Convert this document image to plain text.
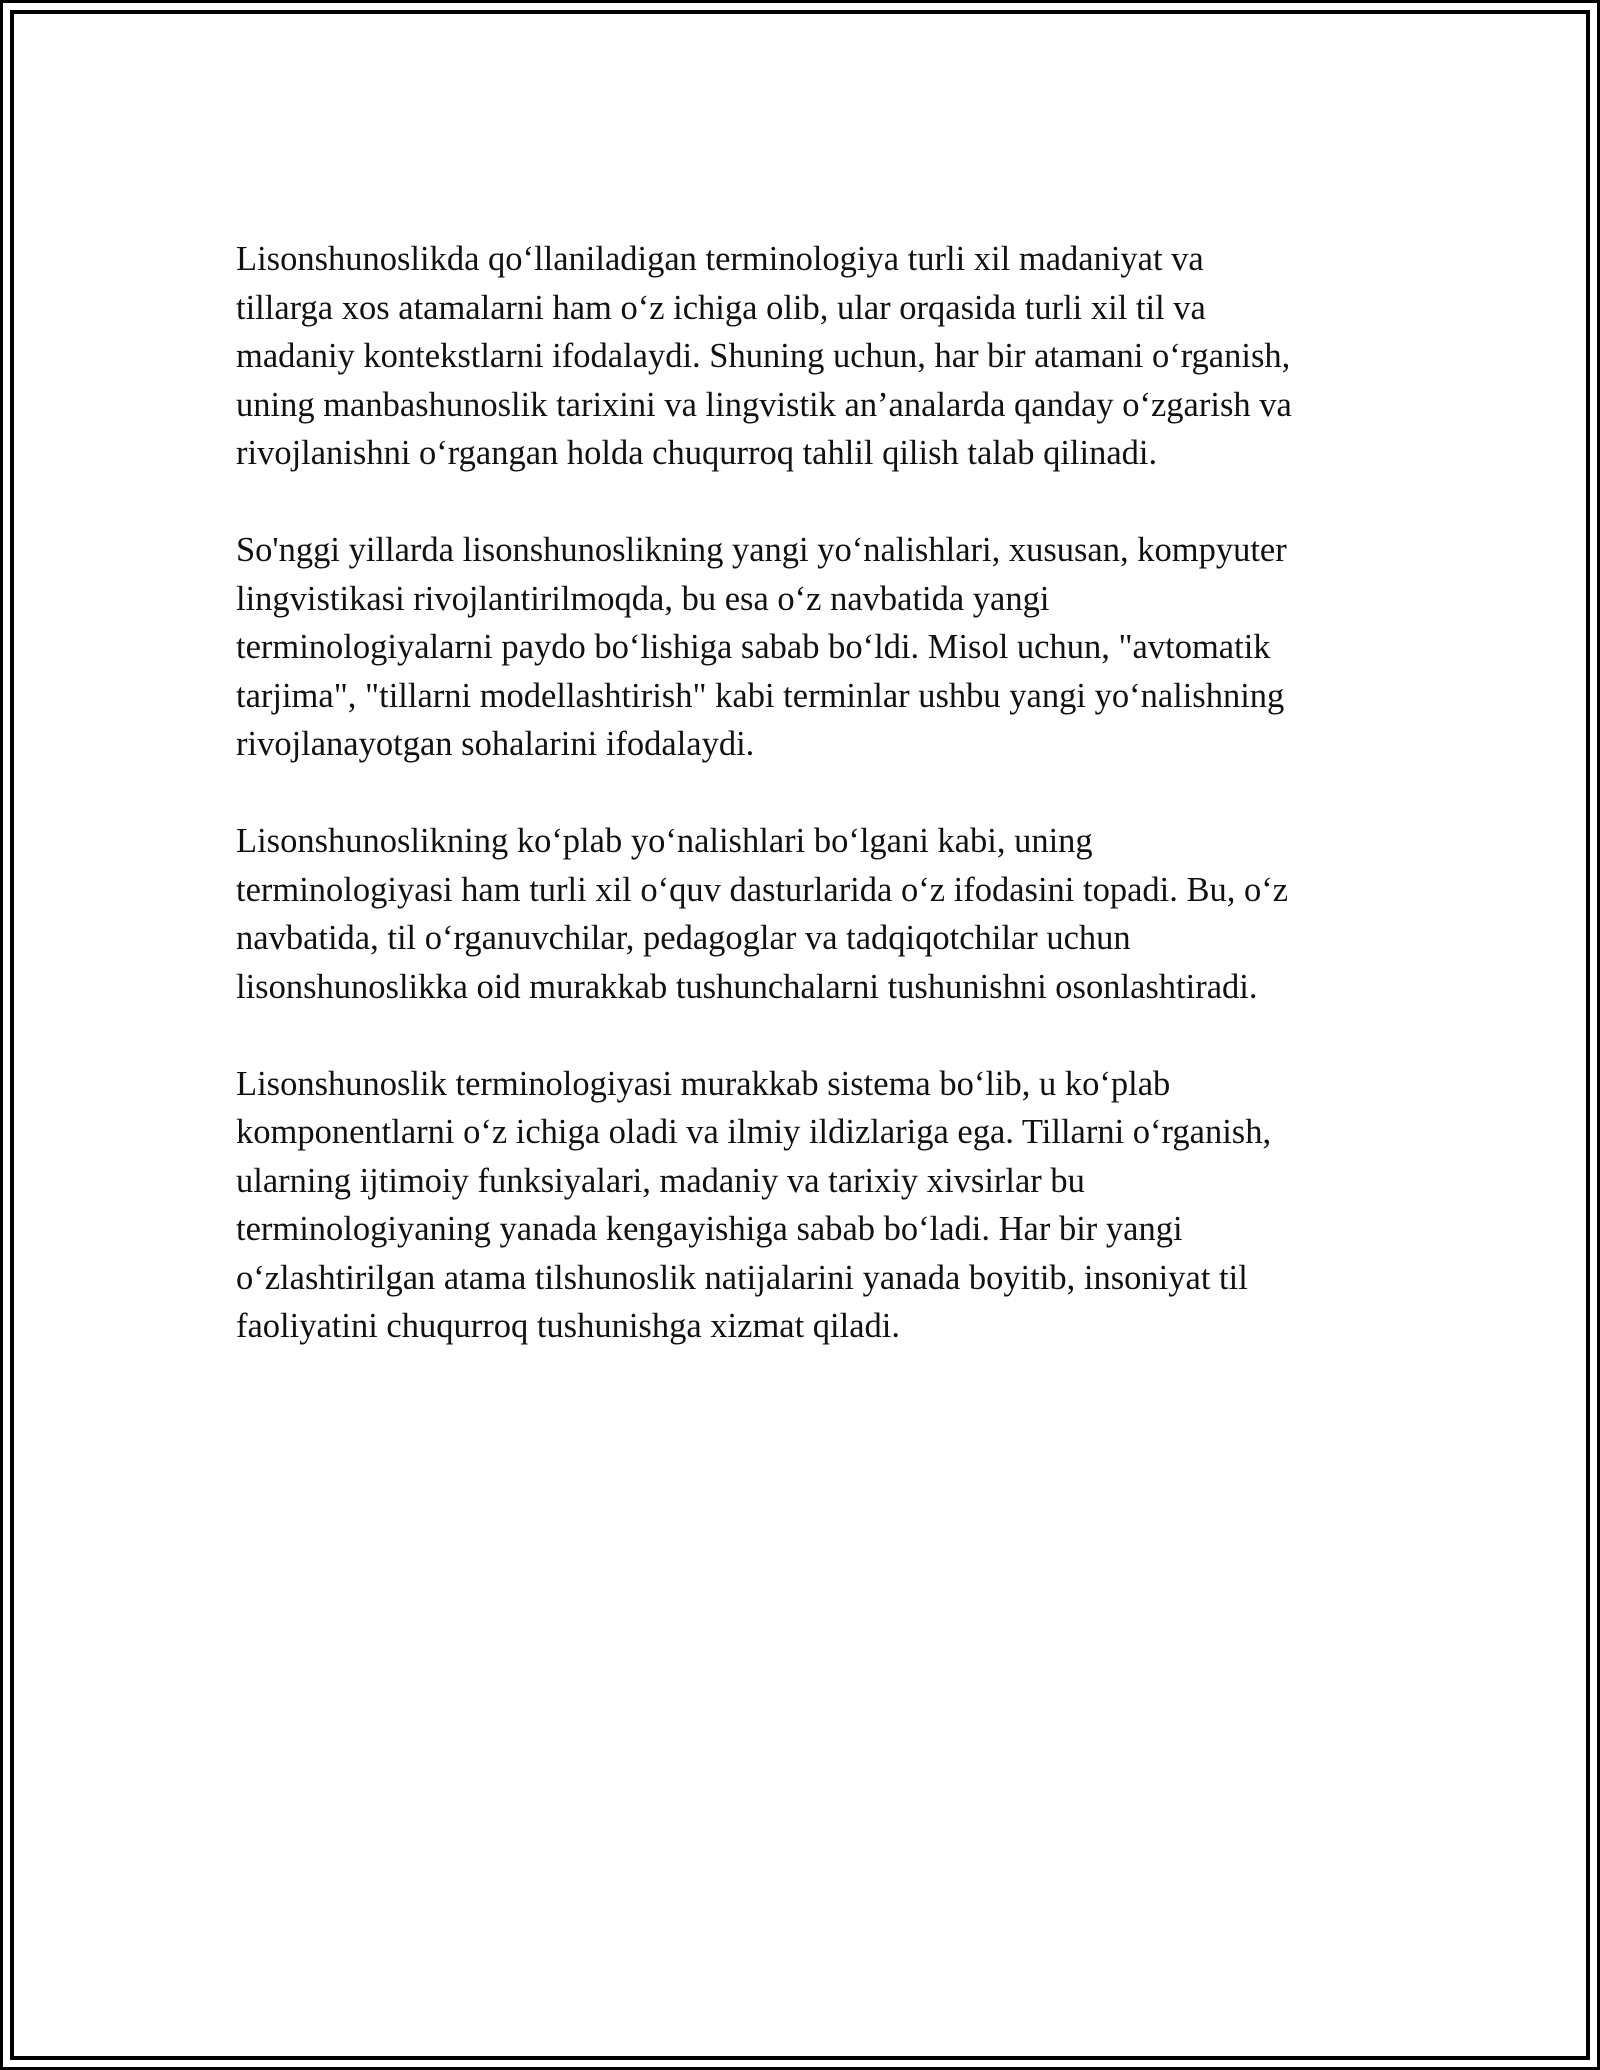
Lisonshunoslikda qo‘llaniladigan terminologiya turli xil madaniyat va
tillarga xos atamalarni ham o‘z ichiga olib, ular orqasida turli xil til va
madaniy kontekstlarni ifodalaydi. Shuning uchun, har bir atamani o‘rganish,
uning manbashunoslik tarixini va lingvistik an’analarda qanday o‘zgarish va
rivojlanishni o‘rgangan holda chuqurroq tahlil qilish talab qilinadi.

So'nggi yillarda lisonshunoslikning yangi yo‘nalishlari, xususan, kompyuter
lingvistikasi rivojlantirilmoqda, bu esa o‘z navbatida yangi
terminologiyalarni paydo bo‘lishiga sabab bo‘ldi. Misol uchun, "avtomatik
tarjima", "tillarni modellashtirish" kabi terminlar ushbu yangi yo‘nalishning
rivojlanayotgan sohalarini ifodalaydi.

Lisonshunoslikning ko‘plab yo‘nalishlari bo‘lgani kabi, uning
terminologiyasi ham turli xil o‘quv dasturlarida o‘z ifodasini topadi. Bu, o‘z
navbatida, til o‘rganuvchilar, pedagoglar va tadqiqotchilar uchun
lisonshunoslikka oid murakkab tushunchalarni tushunishni osonlashtiradi.

Lisonshunoslik terminologiyasi murakkab sistema bo‘lib, u ko‘plab
komponentlarni o‘z ichiga oladi va ilmiy ildizlariga ega. Tillarni o‘rganish,
ularning ijtimoiy funksiyalari, madaniy va tarixiy xivsirlar bu
terminologiyaning yanada kengayishiga sabab bo‘ladi. Har bir yangi
o‘zlashtirilgan atama tilshunoslik natijalarini yanada boyitib, insoniyat til
faoliyatini chuqurroq tushunishga xizmat qiladi.
